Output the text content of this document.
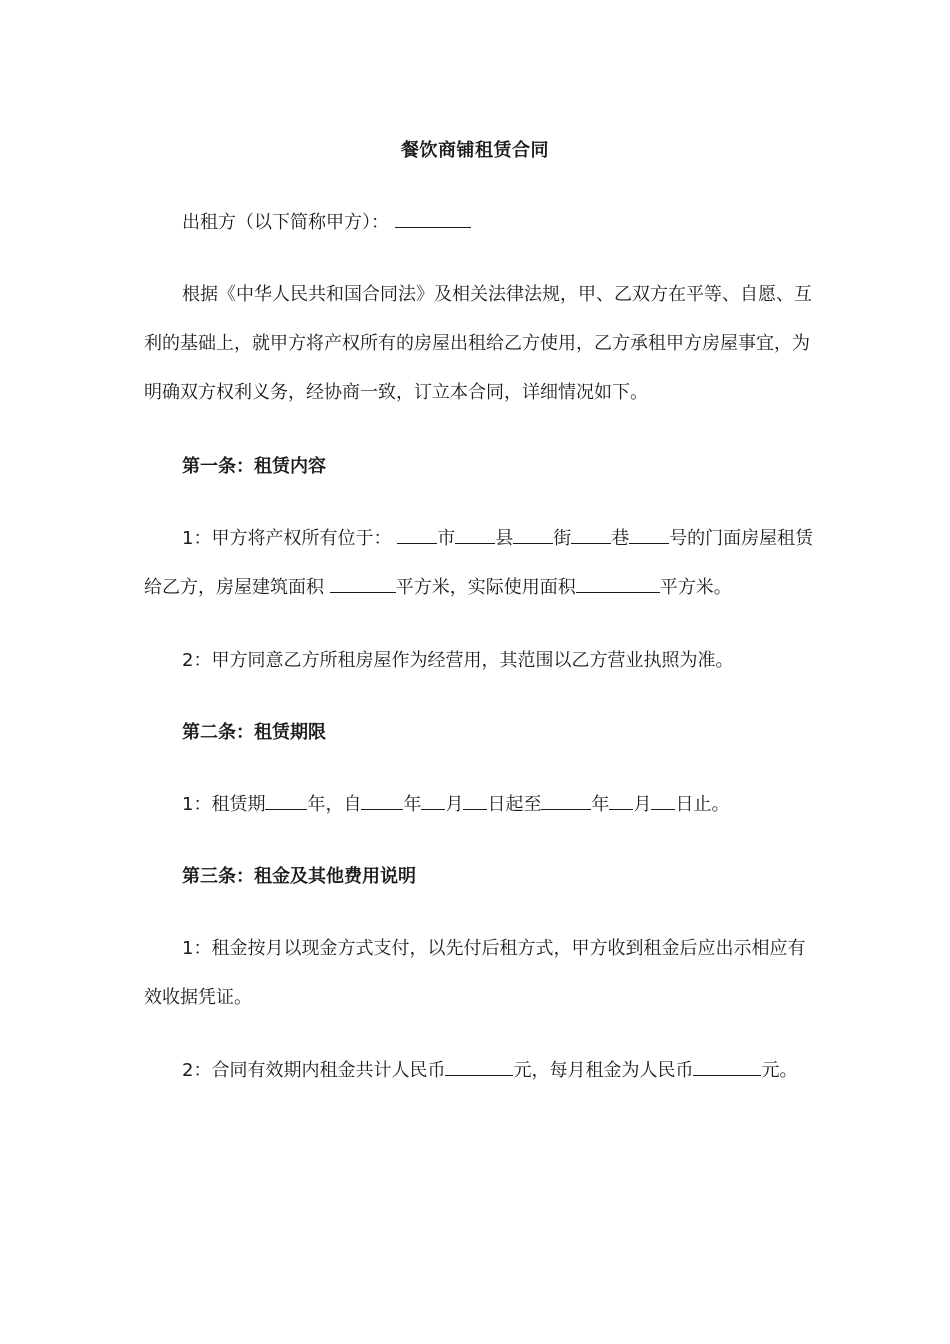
餐饮商铺租赁合同

出租方（以下简称甲方）：

根据《中华人民共和国合同法》及相关法律法规，甲、乙双方在平等、自愿、互利的基础上，就甲方将产权所有的房屋出租给乙方使用，乙方承租甲方房屋事宜，为明确双方权利义务，经协商一致，订立本合同，详细情况如下。

第一条：租赁内容

1：甲方将产权所有位于：	市 县 街 巷 号的门面房屋租赁给乙方，房屋建筑面积	平方米，实际使用面积	平方米。

2：甲方同意乙方所租房屋作为经营用，其范围以乙方营业执照为准。

第二条：租赁期限

1：租赁期 年，自 年 月 日起至	年 月 日止。

第三条：租金及其他费用说明

1：租金按月以现金方式支付，以先付后租方式，甲方收到租金后应出示相应有效收据凭证。

2：合同有效期内租金共计人民币	元，每月租金为人民币	元。
